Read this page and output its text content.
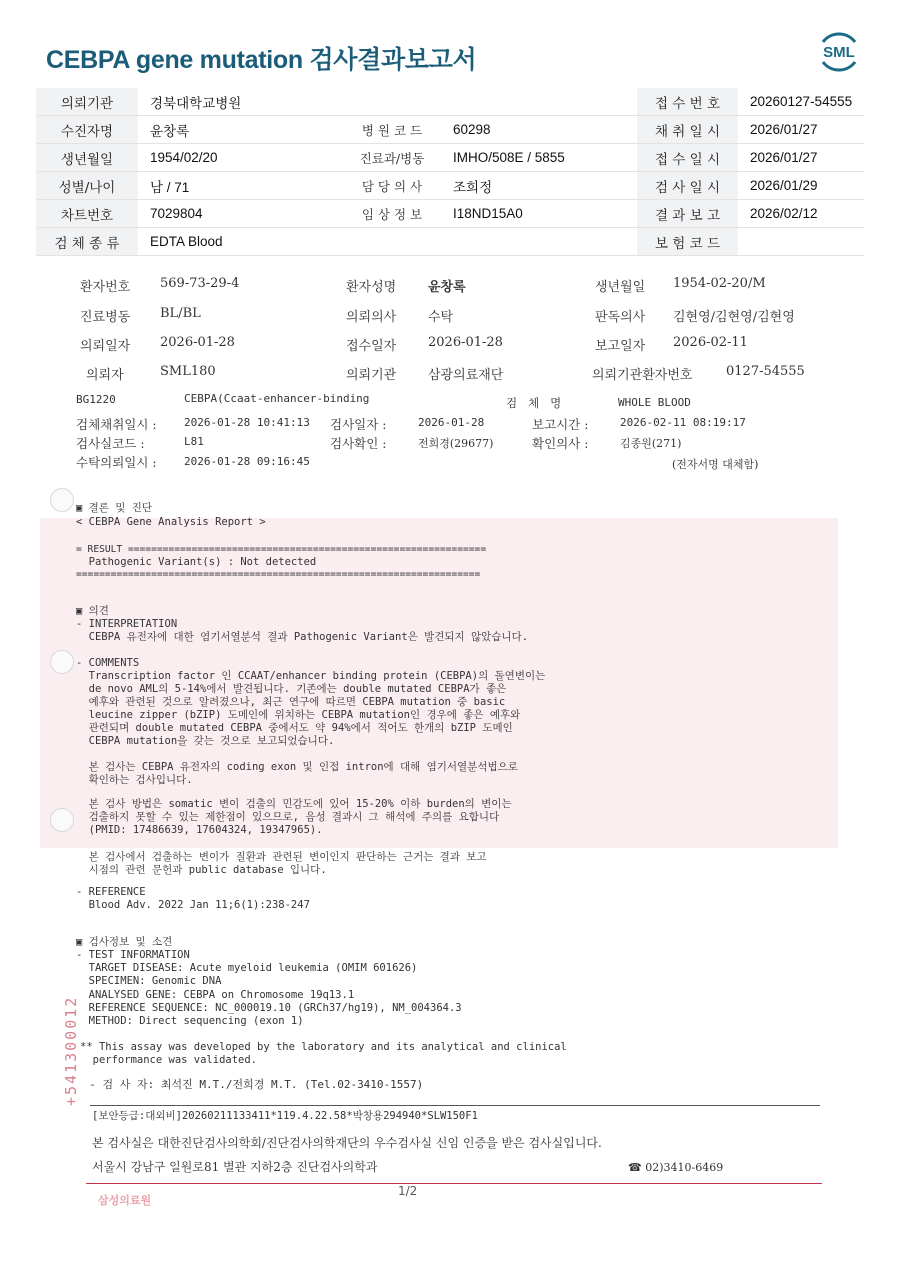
CEBPA gene mutation 검사결과보고서	SML
의뢰기관	경북대학교병원			접 수 번 호	20260127-54555
수진자명	윤창록	병 원 코 드	60298	채 취 일 시	2026/01/27
생년월일	1954/02/20	진료과/병동	IMHO/508E / 5855	접 수 일 시	2026/01/27
성별/나이	남 / 71	담 당 의 사	조희정	검 사 일 시	2026/01/29
차트번호	7029804	임 상 정 보	I18ND15A0	결 과 보 고	2026/02/12
검 체 종 류	EDTA Blood			보 험 코 드	
환자번호 569-73-29-4	환자성명 윤창록	생년월일 1954-02-20/M
진료병동 BL/BL	의뢰의사 수탁	판독의사 김현영/김현영/김현영
의뢰일자 2026-01-28	접수일자 2026-01-28	보고일자 2026-02-11
의뢰자	SML180	의뢰기관 삼광의료재단	의뢰기관환자번호	0127-54555
BG1220	CEBPA(Ccaat-enhancer-binding	검   체   명	WHOLE BLOOD
검체채취일시 : 2026-01-28 10:41:13 검사일자 :	2026-01-28	보고시간 :	2026-02-11 08:19:17
검사실코드 :	L81	검사확인 :	전희경(29677)	확인의사 :	김종원(271)
수탁의뢰일시 : 2026-01-28 09:16:45	(전자서명 대체함)
▣ 결론 및 진단
< CEBPA Gene Analysis Report >
= RESULT ==============================================================
Pathogenic Variant(s) : Not detected
======================================================================
▣ 의견
- INTERPRETATION
CEBPA 유전자에 대한 염기서열분석 결과 Pathogenic Variant은 발견되지 않았습니다.
- COMMENTS
Transcription factor 인 CCAAT/enhancer binding protein (CEBPA)의 돌연변이는
de novo AML의 5-14%에서 발견됩니다. 기존에는 double mutated CEBPA가 좋은
예후와 관련된 것으로 알려졌으나, 최근 연구에 따르면 CEBPA mutation 중 basic
leucine zipper (bZIP) 도메인에 위치하는 CEBPA mutation인 경우에 좋은 예후와
관련되며 double mutated CEBPA 중에서도 약 94%에서 적어도 한개의 bZIP 도메인
CEBPA mutation을 갖는 것으로 보고되었습니다.
본 검사는 CEBPA 유전자의 coding exon 및 인접 intron에 대해 염기서열분석법으로
확인하는 검사입니다.
본 검사 방법은 somatic 변이 검출의 민감도에 있어 15-20% 이하 burden의 변이는
검출하지 못할 수 있는 제한점이 있으므로, 음성 결과시 그 해석에 주의를 요합니다
(PMID: 17486639, 17604324, 19347965).
본 검사에서 검출하는 변이가 질환과 관련된 변이인지 판단하는 근거는 결과 보고
시점의 관련 문헌과 public database 입니다.
- REFERENCE
Blood Adv. 2022 Jan 11;6(1):238-247
▣ 검사정보 및 소견
- TEST INFORMATION
TARGET DISEASE: Acute myeloid leukemia (OMIM 601626)
SPECIMEN: Genomic DNA
ANALYSED GENE: CEBPA on Chromosome 19q13.1
REFERENCE SEQUENCE: NC_000019.10 (GRCh37/hg19), NM_004364.3
METHOD: Direct sequencing (exon 1)
** This assay was developed by the laboratory and its analytical and clinical
performance was validated.
- 검 사 자: 최석진 M.T./전희경 M.T. (Tel.02-3410-1557)
+541300012
[보안등급:대외비]20260211133411*119.4.22.58*박창용294940*SLW150F1
본 검사실은 대한진단검사의학회/진단검사의학재단의 우수검사실 신임 인증을 받은 검사실입니다.
서울시 강남구 일원로81 별관 지하2층 진단검사의학과	☎ 02)3410-6469
삼성의료원
1/2
